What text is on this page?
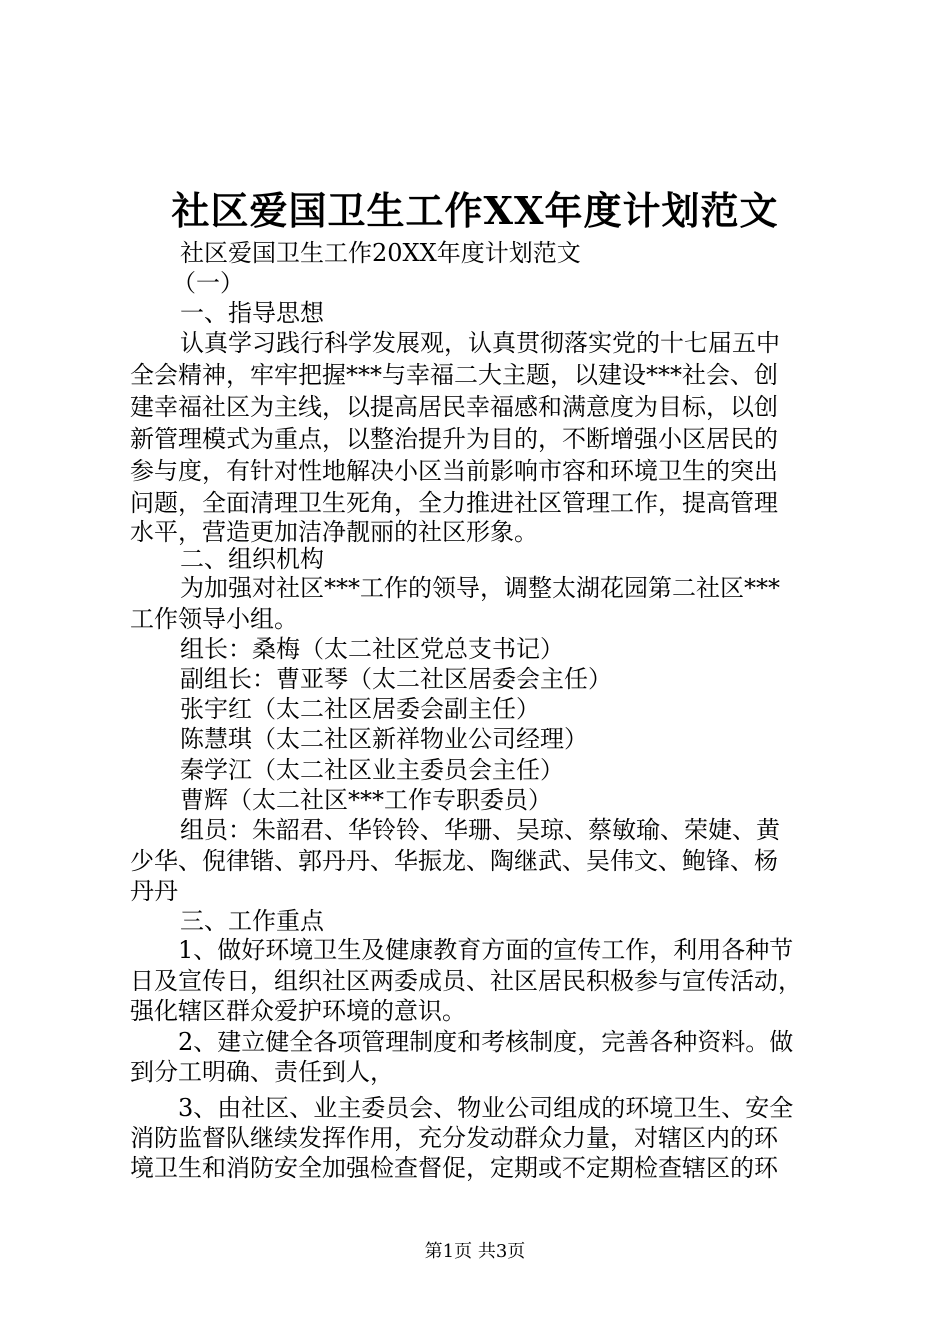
社区爱国卫生工作XX年度计划范文
社区爱国卫生工作20XX年度计划范文
（一）
一、指导思想
认真学习践行科学发展观，认真贯彻落实党的十七届五中
全会精神，牢牢把握***与幸福二大主题，以建设***社会、创
建幸福社区为主线，以提高居民幸福感和满意度为目标，以创
新管理模式为重点，以整治提升为目的，不断增强小区居民的
参与度，有针对性地解决小区当前影响市容和环境卫生的突出
问题，全面清理卫生死角，全力推进社区管理工作，提高管理
水平，营造更加洁净靓丽的社区形象。
二、组织机构
为加强对社区***工作的领导，调整太湖花园第二社区***
工作领导小组。
组长：桑梅（太二社区党总支书记）
副组长：曹亚琴（太二社区居委会主任）
张宇红（太二社区居委会副主任）
陈慧琪（太二社区新祥物业公司经理）
秦学江（太二社区业主委员会主任）
曹辉（太二社区***工作专职委员）
组员：朱韶君、华铃铃、华珊、吴琼、蔡敏瑜、荣婕、黄
少华、倪律锴、郭丹丹、华振龙、陶继武、吴伟文、鲍锋、杨
丹丹
三、工作重点
1、做好环境卫生及健康教育方面的宣传工作，利用各种节
日及宣传日，组织社区两委成员、社区居民积极参与宣传活动，
强化辖区群众爱护环境的意识。
2、建立健全各项管理制度和考核制度，完善各种资料。做
到分工明确、责任到人，
3、由社区、业主委员会、物业公司组成的环境卫生、安全
消防监督队继续发挥作用，充分发动群众力量，对辖区内的环
境卫生和消防安全加强检查督促，定期或不定期检查辖区的环
第1页 共3页
